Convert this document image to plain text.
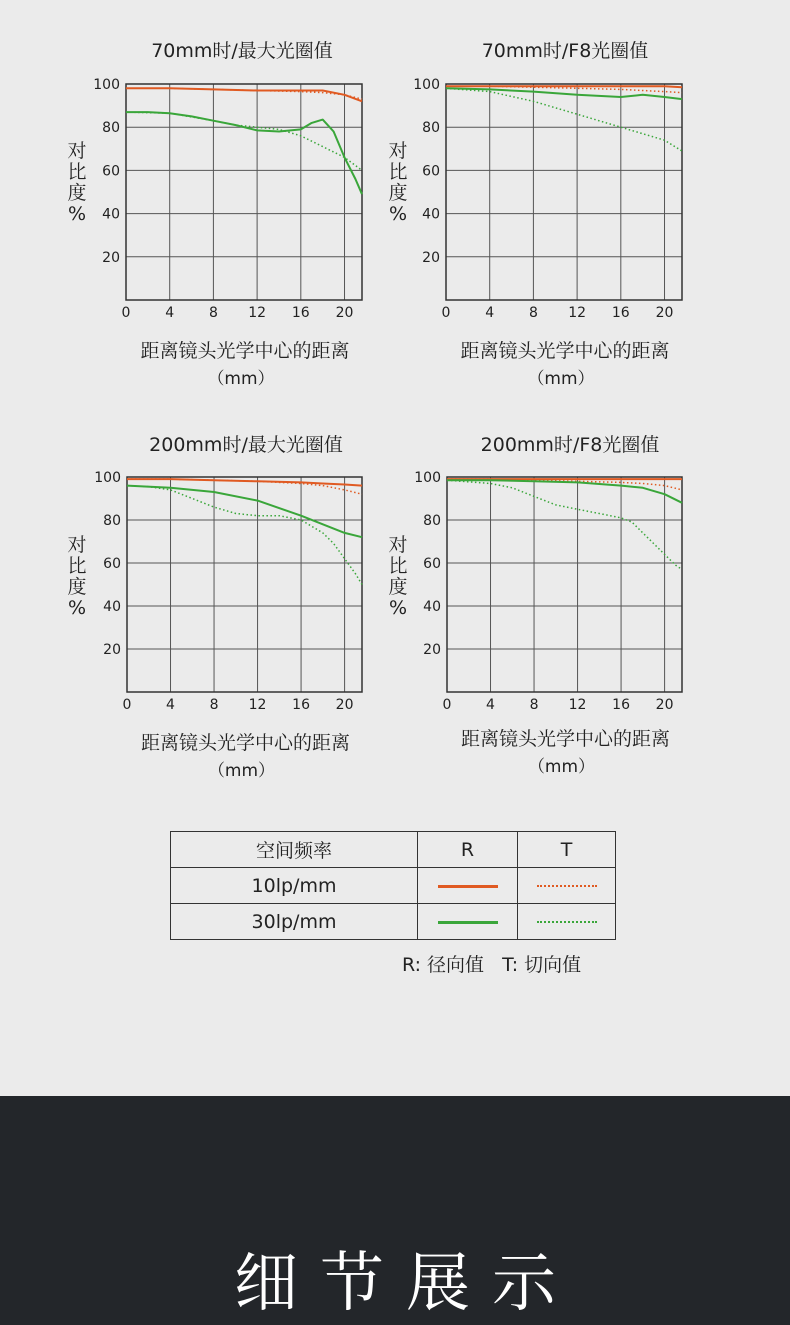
0 4 8 12 16 20
100
80
60
40
20
70mm时/最大光圈值
距离镜头光学中心的距离
（mm）
对
比
度
%
0 4 8 12 16 20
100
80
60
40
20
70mm时/F8光圈值
距离镜头光学中心的距离
（mm）
对
比
度
%
0 4 8 12 16 20
100
80
60
40
20
200mm时/最大光圈值
距离镜头光学中心的距离
（mm）
对
比
度
%
0 4 8 12 16 20
100
80
60
40
20
200mm时/F8光圈值
距离镜头光学中心的距离
（mm）
对
比
度
%
空间频率	R	T
10lp/mm		
30lp/mm		
R: 径向值   T: 切向值
细节展示
